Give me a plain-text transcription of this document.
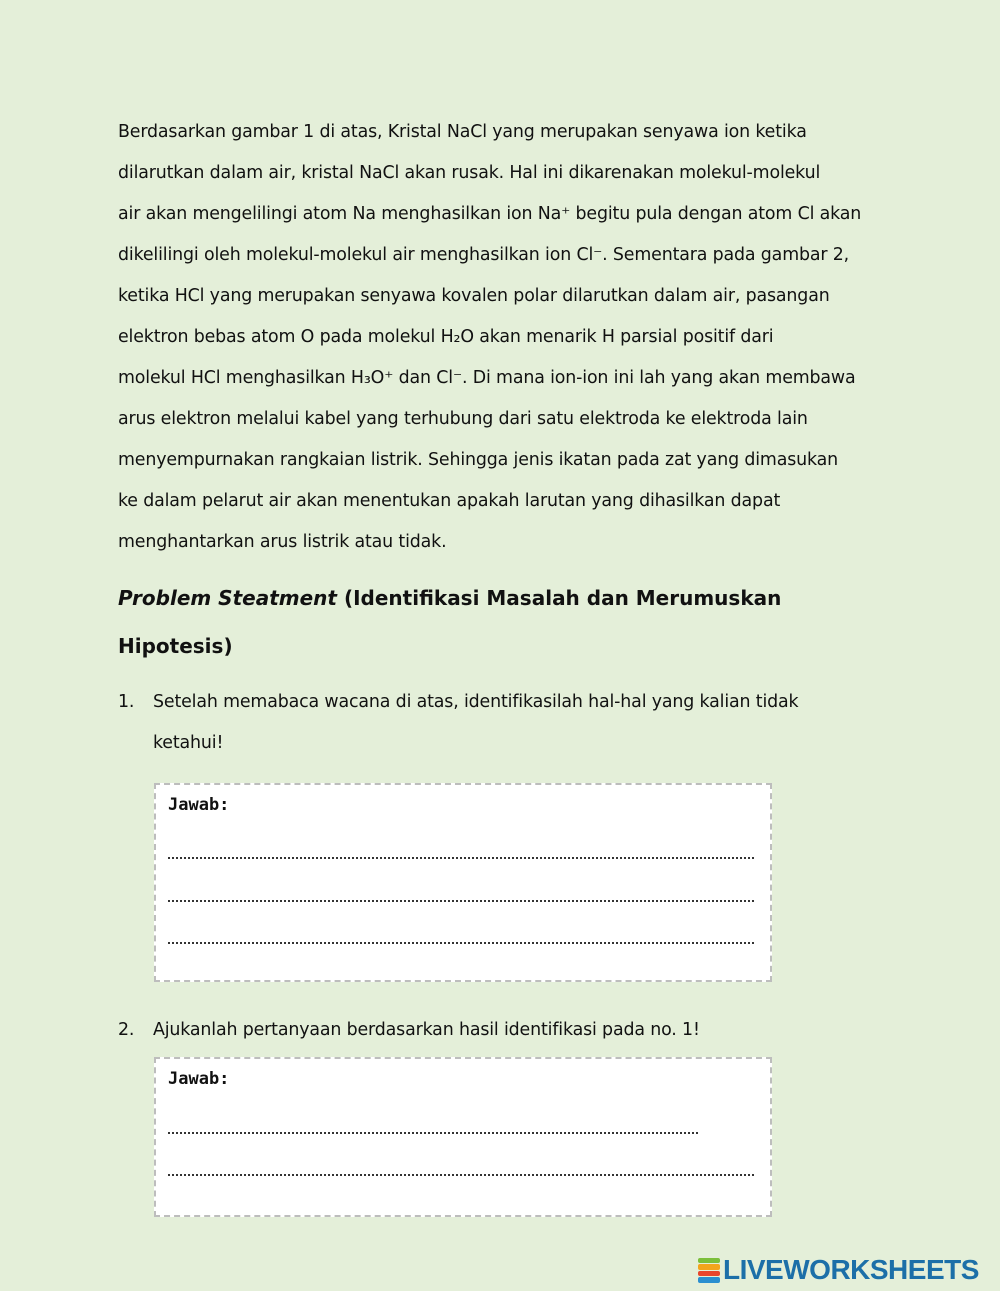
Berdasarkan gambar 1 di atas, Kristal NaCl yang merupakan senyawa ion ketika
dilarutkan dalam air, kristal NaCl akan rusak. Hal ini dikarenakan molekul-molekul
air akan mengelilingi atom Na menghasilkan ion Na⁺ begitu pula dengan atom Cl akan
dikelilingi oleh molekul-molekul air menghasilkan ion Cl⁻. Sementara pada gambar 2,
ketika HCl yang merupakan senyawa kovalen polar dilarutkan dalam air, pasangan
elektron bebas atom O pada molekul H₂O akan menarik H parsial positif dari
molekul HCl menghasilkan H₃O⁺ dan Cl⁻. Di mana ion-ion ini lah yang akan membawa
arus elektron melalui kabel yang terhubung dari satu elektroda ke elektroda lain
menyempurnakan rangkaian listrik. Sehingga jenis ikatan pada zat yang dimasukan
ke dalam pelarut air akan menentukan apakah larutan yang dihasilkan dapat
menghantarkan arus listrik atau tidak.
Problem Steatment (Identifikasi Masalah dan Merumuskan
Hipotesis)
1. Setelah memabaca wacana di atas, identifikasilah hal-hal yang kalian tidak
ketahui!
Jawab:
2. Ajukanlah pertanyaan berdasarkan hasil identifikasi pada no. 1!
Jawab:
LIVEWORKSHEETS
